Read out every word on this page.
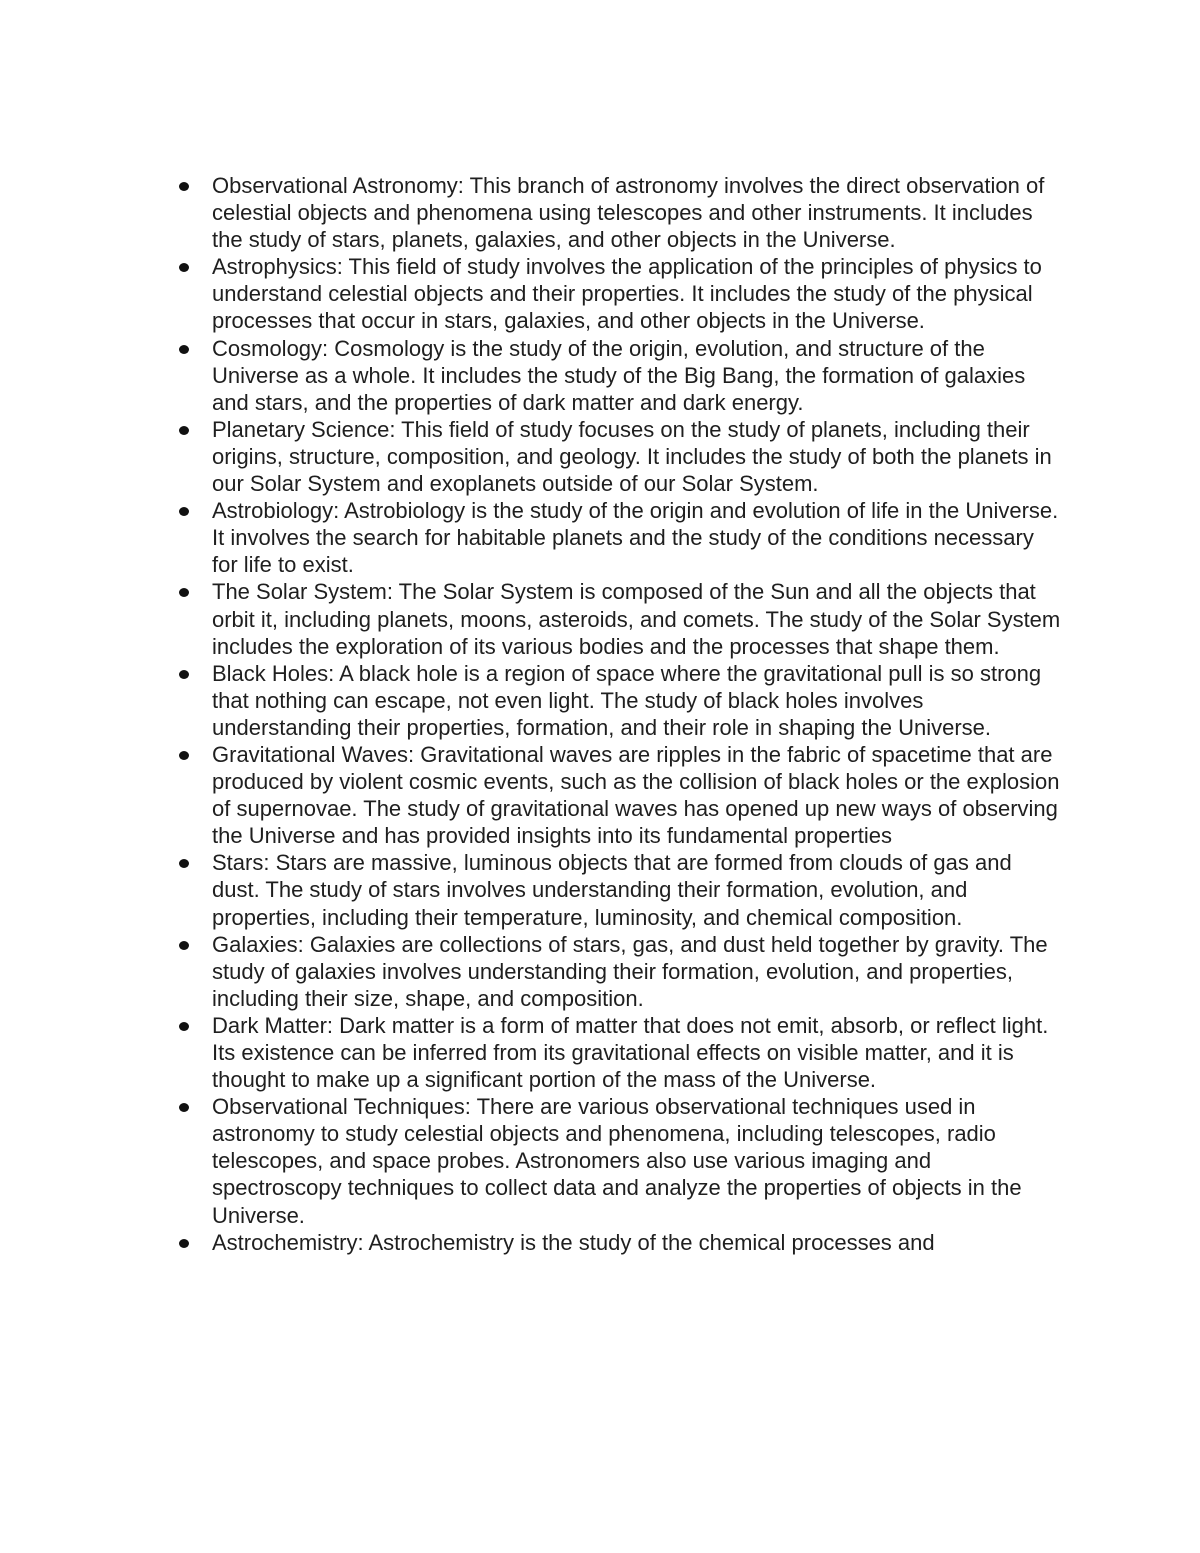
Observational Astronomy: This branch of astronomy involves the direct observation of celestial objects and phenomena using telescopes and other instruments. It includes the study of stars, planets, galaxies, and other objects in the Universe.
Astrophysics: This field of study involves the application of the principles of physics to understand celestial objects and their properties. It includes the study of the physical processes that occur in stars, galaxies, and other objects in the Universe.
Cosmology: Cosmology is the study of the origin, evolution, and structure of the Universe as a whole. It includes the study of the Big Bang, the formation of galaxies and stars, and the properties of dark matter and dark energy.
Planetary Science: This field of study focuses on the study of planets, including their origins, structure, composition, and geology. It includes the study of both the planets in our Solar System and exoplanets outside of our Solar System.
Astrobiology: Astrobiology is the study of the origin and evolution of life in the Universe. It involves the search for habitable planets and the study of the conditions necessary for life to exist.
The Solar System: The Solar System is composed of the Sun and all the objects that orbit it, including planets, moons, asteroids, and comets. The study of the Solar System includes the exploration of its various bodies and the processes that shape them.
Black Holes: A black hole is a region of space where the gravitational pull is so strong that nothing can escape, not even light. The study of black holes involves understanding their properties, formation, and their role in shaping the Universe.
Gravitational Waves: Gravitational waves are ripples in the fabric of spacetime that are produced by violent cosmic events, such as the collision of black holes or the explosion of supernovae. The study of gravitational waves has opened up new ways of observing the Universe and has provided insights into its fundamental properties
Stars: Stars are massive, luminous objects that are formed from clouds of gas and dust. The study of stars involves understanding their formation, evolution, and properties, including their temperature, luminosity, and chemical composition.
Galaxies: Galaxies are collections of stars, gas, and dust held together by gravity. The study of galaxies involves understanding their formation, evolution, and properties, including their size, shape, and composition.
Dark Matter: Dark matter is a form of matter that does not emit, absorb, or reflect light. Its existence can be inferred from its gravitational effects on visible matter, and it is thought to make up a significant portion of the mass of the Universe.
Observational Techniques: There are various observational techniques used in astronomy to study celestial objects and phenomena, including telescopes, radio telescopes, and space probes. Astronomers also use various imaging and spectroscopy techniques to collect data and analyze the properties of objects in the Universe.
Astrochemistry: Astrochemistry is the study of the chemical processes and
